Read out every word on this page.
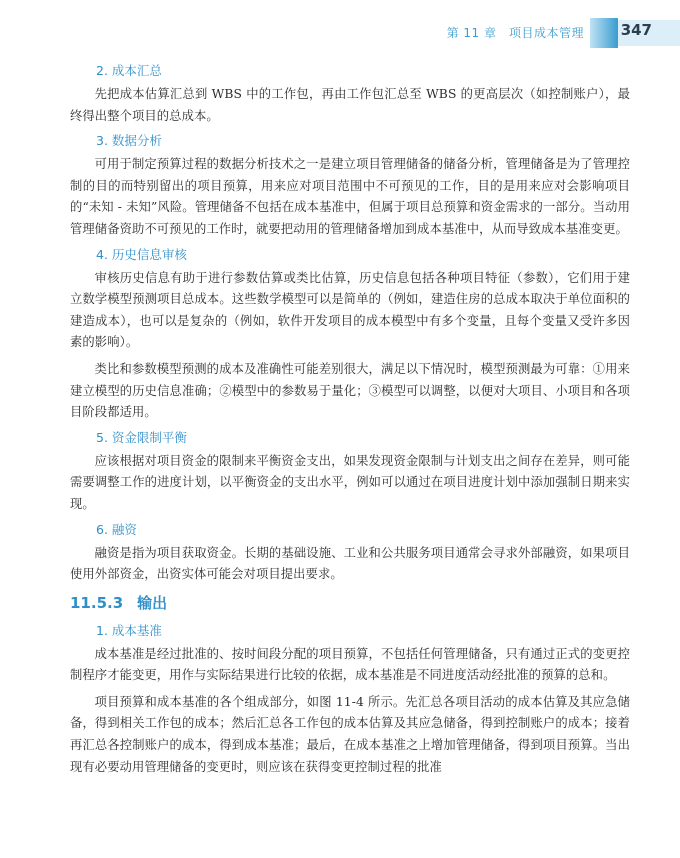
第 11 章　项目成本管理 347
2. 成本汇总

先把成本估算汇总到 WBS 中的工作包，再由工作包汇总至 WBS 的更高层次（如控制账户），最终得出整个项目的总成本。

3. 数据分析

可用于制定预算过程的数据分析技术之一是建立项目管理储备的储备分析，管理储备是为了管理控制的目的而特别留出的项目预算，用来应对项目范围中不可预见的工作，目的是用来应对会影响项目的“未知 - 未知”风险。管理储备不包括在成本基准中，但属于项目总预算和资金需求的一部分。当动用管理储备资助不可预见的工作时，就要把动用的管理储备增加到成本基准中，从而导致成本基准变更。

4. 历史信息审核

审核历史信息有助于进行参数估算或类比估算，历史信息包括各种项目特征（参数），它们用于建立数学模型预测项目总成本。这些数学模型可以是简单的（例如，建造住房的总成本取决于单位面积的建造成本），也可以是复杂的（例如，软件开发项目的成本模型中有多个变量，且每个变量又受许多因素的影响）。

类比和参数模型预测的成本及准确性可能差别很大，满足以下情况时，模型预测最为可靠：①用来建立模型的历史信息准确；②模型中的参数易于量化；③模型可以调整，以便对大项目、小项目和各项目阶段都适用。

5. 资金限制平衡

应该根据对项目资金的限制来平衡资金支出，如果发现资金限制与计划支出之间存在差异，则可能需要调整工作的进度计划，以平衡资金的支出水平，例如可以通过在项目进度计划中添加强制日期来实现。

6. 融资

融资是指为项目获取资金。长期的基础设施、工业和公共服务项目通常会寻求外部融资，如果项目使用外部资金，出资实体可能会对项目提出要求。

11.5.3 输出
1. 成本基准

成本基准是经过批准的、按时间段分配的项目预算，不包括任何管理储备，只有通过正式的变更控制程序才能变更，用作与实际结果进行比较的依据，成本基准是不同进度活动经批准的预算的总和。

项目预算和成本基准的各个组成部分，如图 11-4 所示。先汇总各项目活动的成本估算及其应急储备，得到相关工作包的成本；然后汇总各工作包的成本估算及其应急储备，得到控制账户的成本；接着再汇总各控制账户的成本，得到成本基准；最后，在成本基准之上增加管理储备，得到项目预算。当出现有必要动用管理储备的变更时，则应该在获得变更控制过程的批准
